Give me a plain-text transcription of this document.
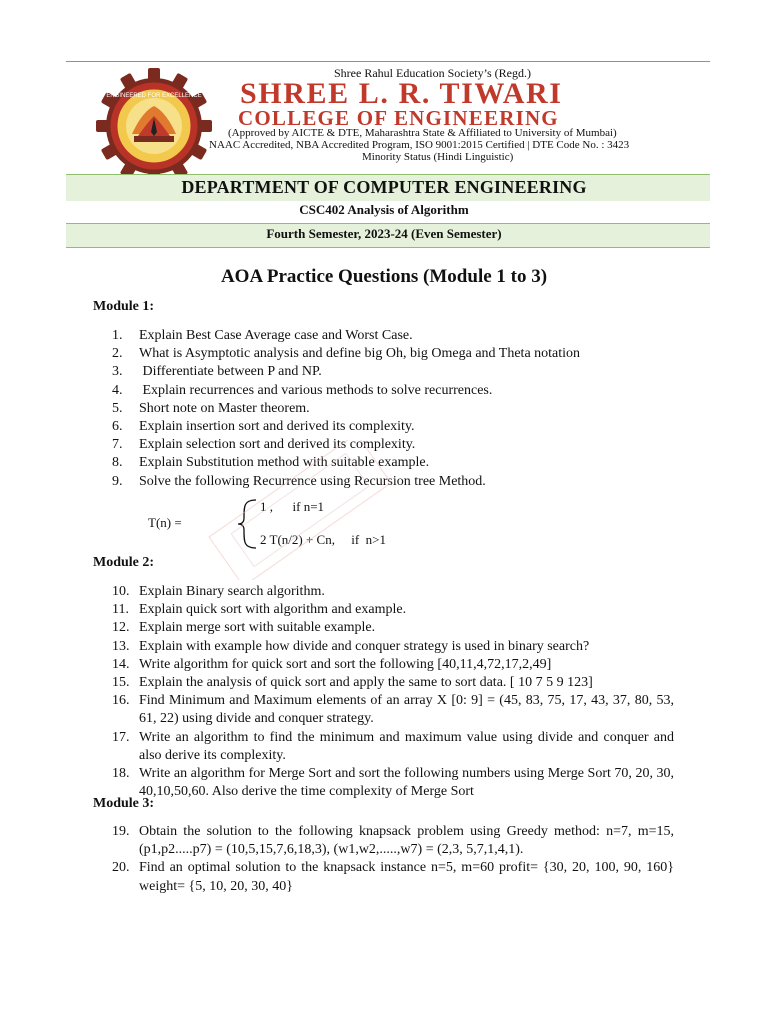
ENGINEERED FOR EXCELLENCE
Shree Rahul Education Society’s (Regd.)
SHREE L. R. TIWARI
COLLEGE OF ENGINEERING
(Approved by AICTE & DTE, Maharashtra State & Affiliated to University of Mumbai)
NAAC Accredited, NBA Accredited Program, ISO 9001:2015 Certified | DTE Code No. : 3423
Minority Status (Hindi Linguistic)
DEPARTMENT OF COMPUTER ENGINEERING
CSC402 Analysis of Algorithm
Fourth Semester, 2023-24 (Even Semester)
AOA Practice Questions (Module 1 to 3)
Module 1:
1.	Explain Best Case Average case and Worst Case.
2.	What is Asymptotic analysis and define big Oh, big Omega and Theta notation
3.	Differentiate between P and NP.
4.	Explain recurrences and various methods to solve recurrences.
5.	Short note on Master theorem.
6.	Explain insertion sort and derived its complexity.
7.	Explain selection sort and derived its complexity.
8.	Explain Substitution method with suitable example.
9.	Solve the following Recurrence using Recursion tree Method.
T(n) =
1 ,      if n=1
2 T(n/2) + Cn,     if  n>1
Module 2:
10. Explain Binary search algorithm.
11. Explain quick sort with algorithm and example.
12. Explain merge sort with suitable example.
13. Explain with example how divide and conquer strategy is used in binary search?
14. Write algorithm for quick sort and sort the following [40,11,4,72,17,2,49]
15. Explain the analysis of quick sort and apply the same to sort data. [ 10 7 5 9 123]
16. Find Minimum and Maximum elements of an array X [0: 9] = (45, 83, 75, 17, 43, 37, 80, 53, 61, 22) using divide and conquer strategy.
17. Write an algorithm to find the minimum and maximum value using divide and conquer and also derive its complexity.
18. Write an algorithm for Merge Sort and sort the following numbers using Merge Sort 70, 20, 30, 40,10,50,60. Also derive the time complexity of Merge Sort
Module 3:
19. Obtain the solution to the following knapsack problem using Greedy method: n=7, m=15, (p1,p2.....p7) = (10,5,15,7,6,18,3), (w1,w2,.....,w7) = (2,3, 5,7,1,4,1).
20. Find an optimal solution to the knapsack instance n=5, m=60 profit= {30, 20, 100, 90, 160} weight= {5, 10, 20, 30, 40}
